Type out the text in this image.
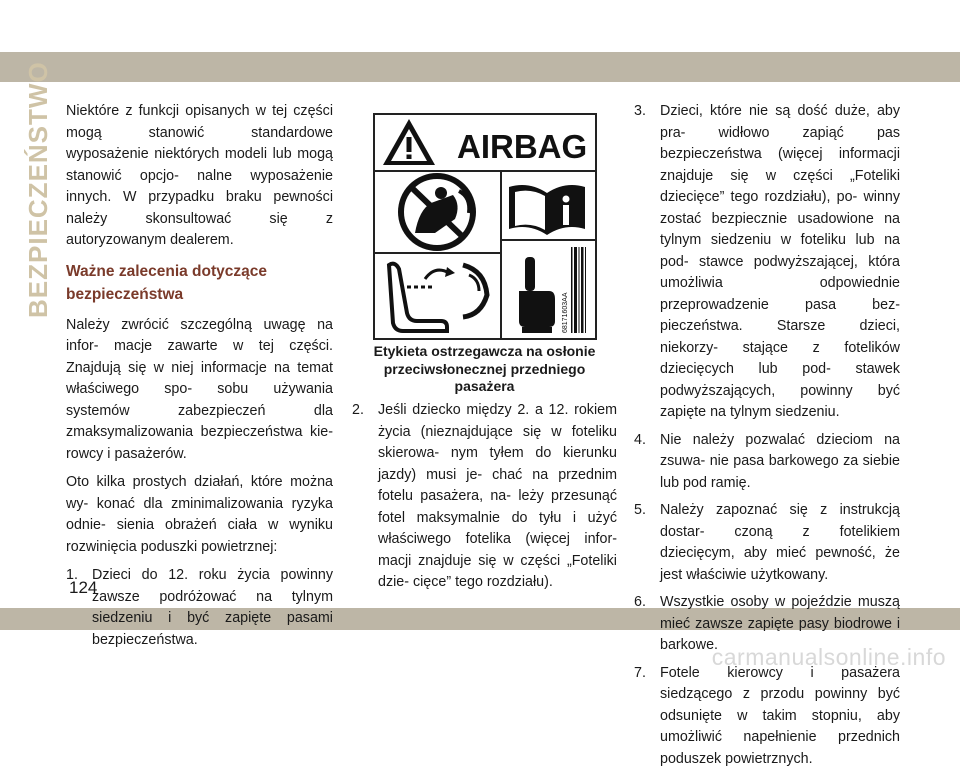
BEZPIECZEŃSTWO Niektóre z funkcji opisanych w tej części mogą stanowić standardowe wyposażenie niektórych modeli lub mogą stanowić opcjo- nalne wyposażenie innych. W przypadku braku pewności należy skonsultować się z autoryzowanym dealerem.

Ważne zalecenia dotyczące bezpieczeństwa

Należy zwrócić szczególną uwagę na infor- macje zawarte w tej części. Znajdują się w niej informacje na temat właściwego spo- sobu używania systemów zabezpieczeń dla zmaksymalizowania bezpieczeństwa kie- rowcy i pasażerów.

Oto kilka prostych działań, które można wy- konać dla zminimalizowania ryzyka odnie- sienia obrażeń ciała w wyniku rozwinięcia poduszki powietrznej:

1. Dzieci do 12. roku życia powinny zawsze podróżować na tylnym siedzeniu i być zapięte pasami bezpieczeństwa.
AIRBAG
68171603AA
Etykieta ostrzegawcza na osłonie przeciwsłonecznej przedniego pasażera
2. Jeśli dziecko między 2. a 12. rokiem życia (nieznajdujące się w foteliku skierowa- nym tyłem do kierunku jazdy) musi je- chać na przednim fotelu pasażera, na- leży przesunąć fotel maksymalnie do tyłu i użyć właściwego fotelika (więcej infor- macji znajduje się w części „Foteliki dzie- cięce” tego rozdziału).
3. Dzieci, które nie są dość duże, aby pra- widłowo zapiąć pas bezpieczeństwa (więcej informacji znajduje się w części „Foteliki dziecięce” tego rozdziału), po- winny zostać bezpiecznie usadowione na tylnym siedzeniu w foteliku lub na pod- stawce podwyższającej, która umożliwia odpowiednie przeprowadzenie pasa bez- pieczeństwa. Starsze dzieci, niekorzy- stające z fotelików dziecięcych lub pod- stawek podwyższających, powinny być zapięte na tylnym siedzeniu.
4. Nie należy pozwalać dzieciom na zsuwa- nie pasa barkowego za siebie lub pod ramię.
5. Należy zapoznać się z instrukcją dostar- czoną z fotelikiem dziecięcym, aby mieć pewność, że jest właściwie użytkowany.
6. Wszystkie osoby w pojeździe muszą mieć zawsze zapięte pasy biodrowe i barkowe.
7. Fotele kierowcy i pasażera siedzącego z przodu powinny być odsunięte w takim stopniu, aby umożliwić napełnienie przednich poduszek powietrznych.
124
carmanualsonline.info
